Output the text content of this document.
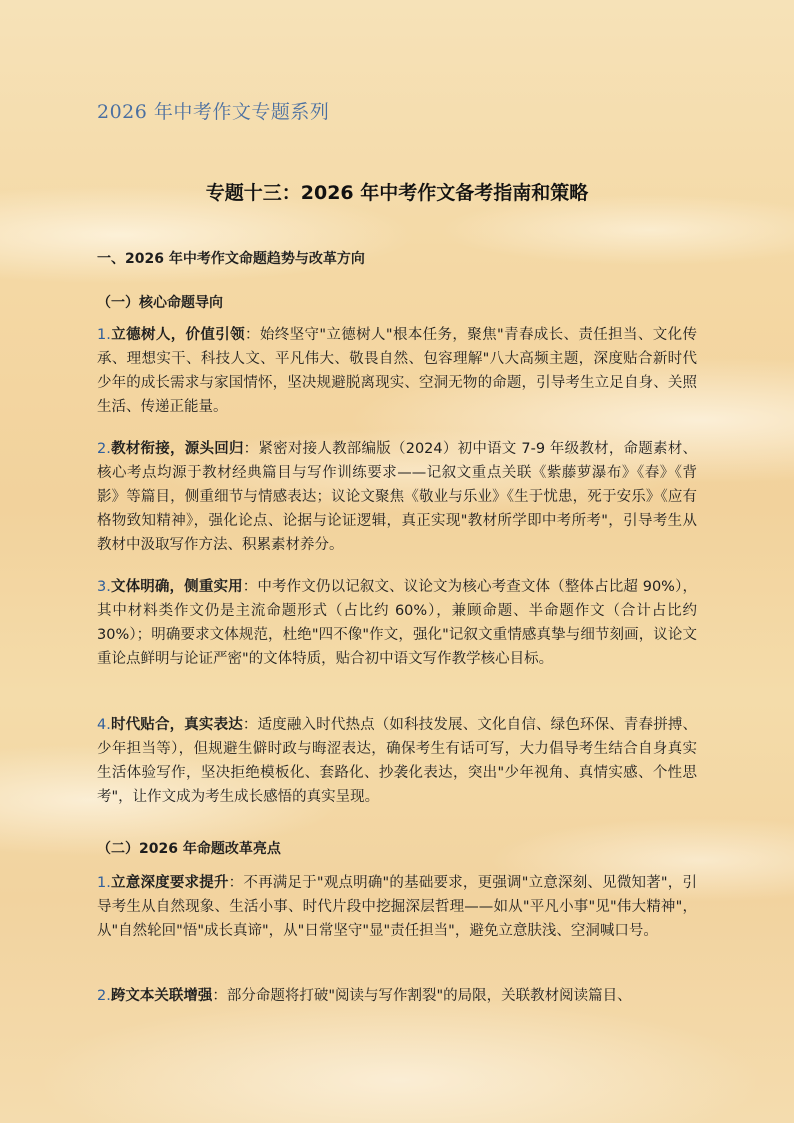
2026 年中考作文专题系列
专题十三：2026 年中考作文备考指南和策略
一、2026 年中考作文命题趋势与改革方向
（一）核心命题导向
1.立德树人，价值引领：始终坚守"立德树人"根本任务，聚焦"青春成长、责任担当、文化传承、理想实干、科技人文、平凡伟大、敬畏自然、包容理解"八大高频主题，深度贴合新时代少年的成长需求与家国情怀，坚决规避脱离现实、空洞无物的命题，引导考生立足自身、关照生活、传递正能量。
2.教材衔接，源头回归：紧密对接人教部编版（2024）初中语文 7-9 年级教材，命题素材、核心考点均源于教材经典篇目与写作训练要求——记叙文重点关联《紫藤萝瀑布》《春》《背影》等篇目，侧重细节与情感表达；议论文聚焦《敬业与乐业》《生于忧患，死于安乐》《应有格物致知精神》，强化论点、论据与论证逻辑，真正实现"教材所学即中考所考"，引导考生从教材中汲取写作方法、积累素材养分。
3.文体明确，侧重实用：中考作文仍以记叙文、议论文为核心考查文体（整体占比超 90%），其中材料类作文仍是主流命题形式（占比约 60%），兼顾命题、半命题作文（合计占比约 30%）；明确要求文体规范，杜绝"四不像"作文，强化"记叙文重情感真挚与细节刻画，议论文重论点鲜明与论证严密"的文体特质，贴合初中语文写作教学核心目标。
4.时代贴合，真实表达：适度融入时代热点（如科技发展、文化自信、绿色环保、青春拼搏、少年担当等），但规避生僻时政与晦涩表达，确保考生有话可写，大力倡导考生结合自身真实生活体验写作，坚决拒绝模板化、套路化、抄袭化表达，突出"少年视角、真情实感、个性思考"，让作文成为考生成长感悟的真实呈现。
（二）2026 年命题改革亮点
1.立意深度要求提升：不再满足于"观点明确"的基础要求，更强调"立意深刻、见微知著"，引导考生从自然现象、生活小事、时代片段中挖掘深层哲理——如从"平凡小事"见"伟大精神"，从"自然轮回"悟"成长真谛"，从"日常坚守"显"责任担当"，避免立意肤浅、空洞喊口号。
2.跨文本关联增强：部分命题将打破"阅读与写作割裂"的局限，关联教材阅读篇目、
